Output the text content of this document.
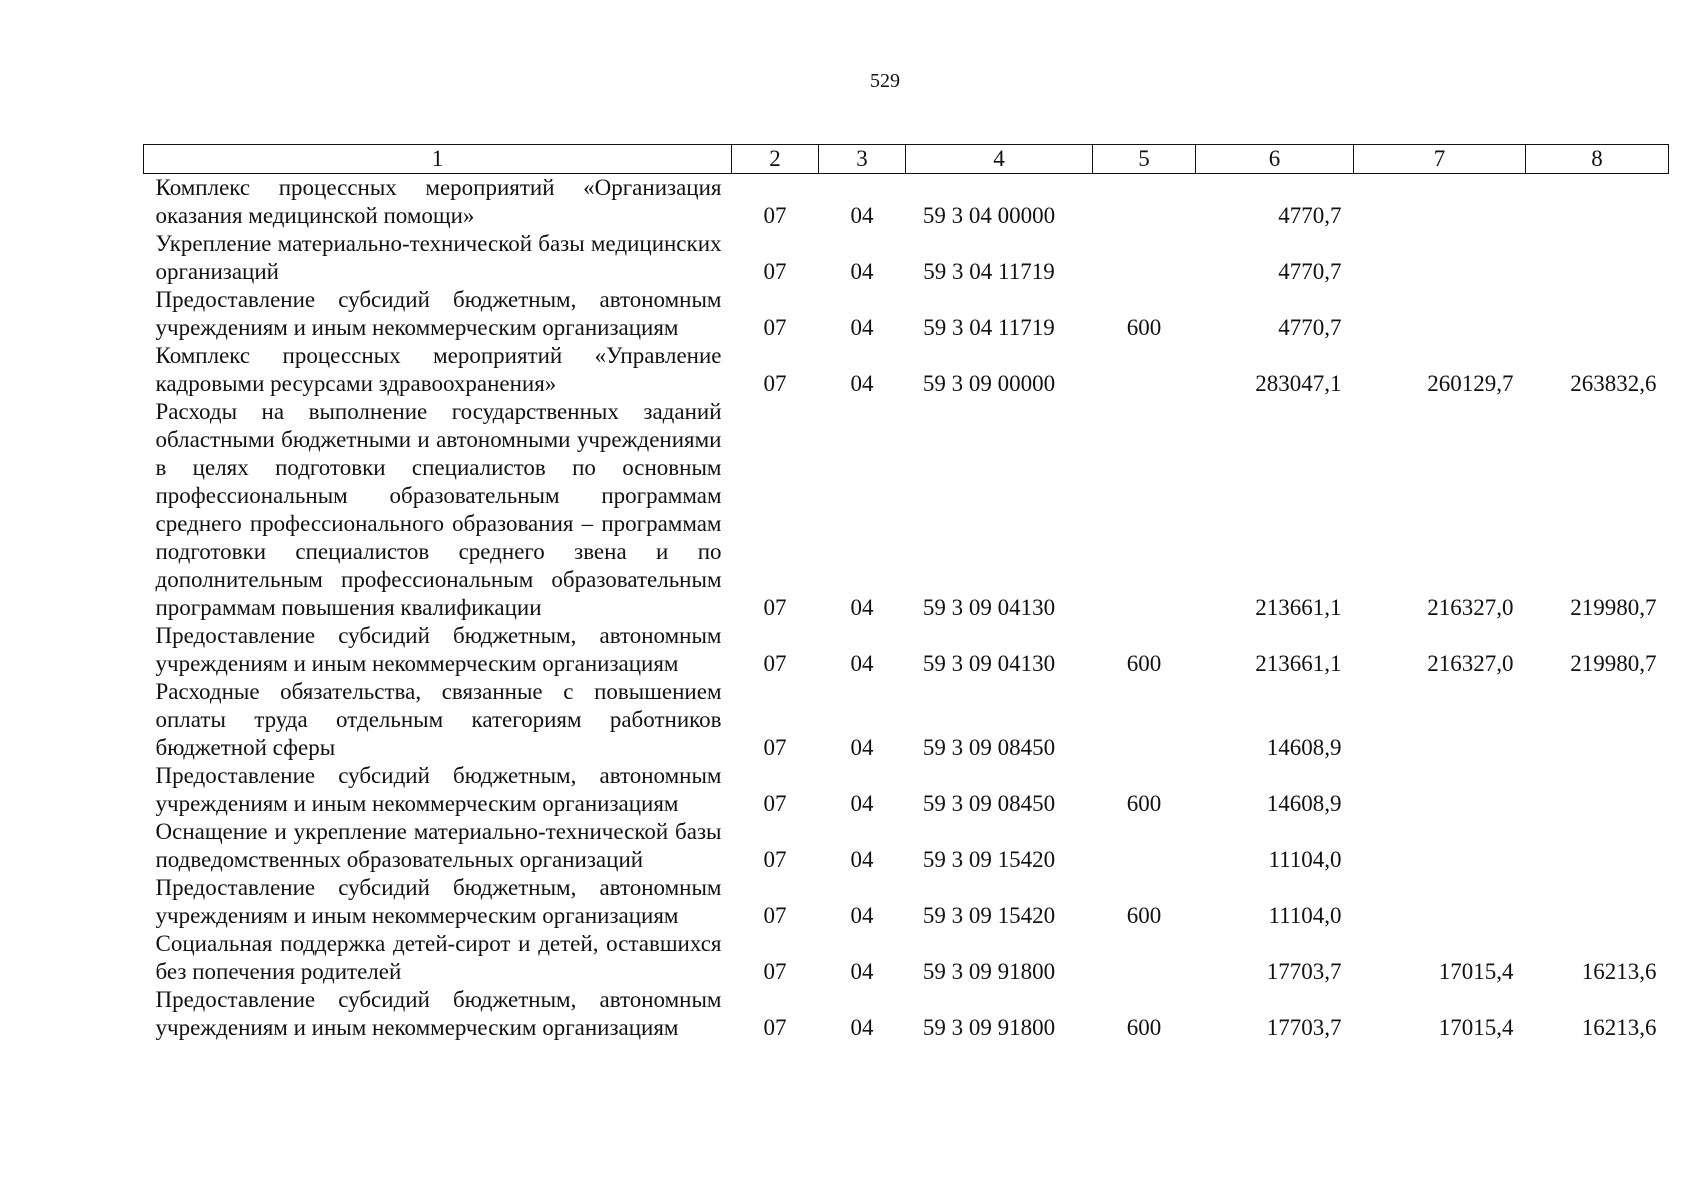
529
1	2	3	4	5	6	7	8
Комплекс процессных мероприятий «Организация оказания медицинской помощи»	07	04	59 3 04 00000		4770,7		
Укрепление материально-технической базы медицинских организаций	07	04	59 3 04 11719		4770,7		
Предоставление субсидий бюджетным, автономным учреждениям и иным некоммерческим организациям	07	04	59 3 04 11719	600	4770,7		
Комплекс процессных мероприятий «Управление кадровыми ресурсами здравоохранения»	07	04	59 3 09 00000		283047,1	260129,7	263832,6
Расходы на выполнение государственных заданий областными бюджетными и автономными учреждениями в целях подготовки специалистов по основным профессиональным образовательным программам среднего профессионального образования – программам подготовки специалистов среднего звена и по дополнительным профессиональным образовательным программам повышения квалификации	07	04	59 3 09 04130		213661,1	216327,0	219980,7
Предоставление субсидий бюджетным, автономным учреждениям и иным некоммерческим организациям	07	04	59 3 09 04130	600	213661,1	216327,0	219980,7
Расходные обязательства, связанные с повышением оплаты труда отдельным категориям работников бюджетной сферы	07	04	59 3 09 08450		14608,9		
Предоставление субсидий бюджетным, автономным учреждениям и иным некоммерческим организациям	07	04	59 3 09 08450	600	14608,9		
Оснащение и укрепление материально-технической базы подведомственных образовательных организаций	07	04	59 3 09 15420		11104,0		
Предоставление субсидий бюджетным, автономным учреждениям и иным некоммерческим организациям	07	04	59 3 09 15420	600	11104,0		
Социальная поддержка детей-сирот и детей, оставшихся без попечения родителей	07	04	59 3 09 91800		17703,7	17015,4	16213,6
Предоставление субсидий бюджетным, автономным учреждениям и иным некоммерческим организациям	07	04	59 3 09 91800	600	17703,7	17015,4	16213,6
